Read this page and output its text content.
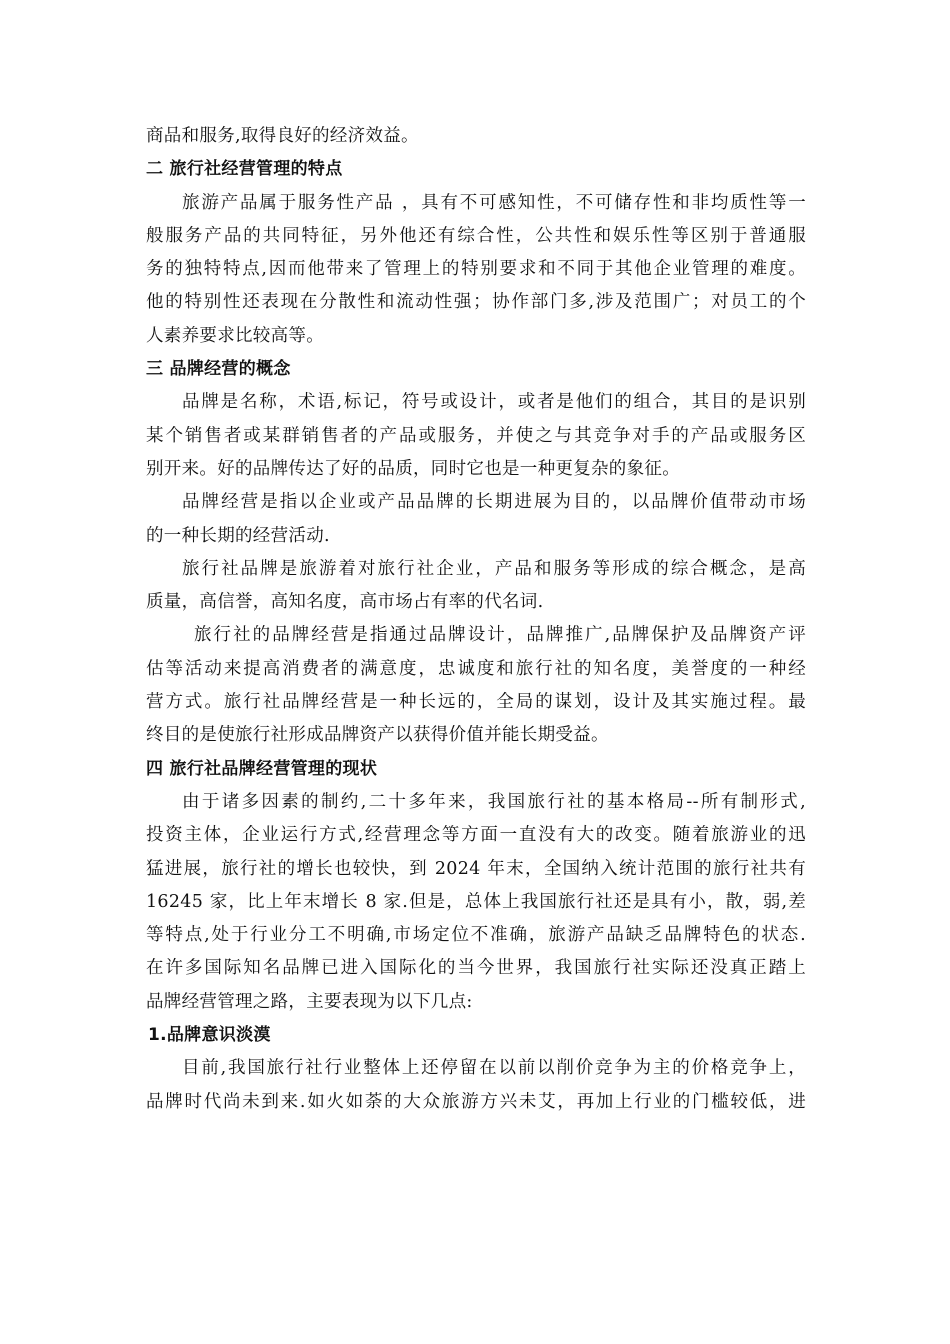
商品和服务,取得良好的经济效益。
二 旅行社经营管理的特点
旅游产品属于服务性产品 ，具有不可感知性，不可储存性和非均质性等一
般服务产品的共同特征，另外他还有综合性，公共性和娱乐性等区别于普通服
务的独特特点,因而他带来了管理上的特别要求和不同于其他企业管理的难度。
他的特别性还表现在分散性和流动性强；协作部门多,涉及范围广；对员工的个
人素养要求比较高等。
三 品牌经营的概念
品牌是名称，术语,标记，符号或设计，或者是他们的组合，其目的是识别
某个销售者或某群销售者的产品或服务，并使之与其竞争对手的产品或服务区
别开来。好的品牌传达了好的品质，同时它也是一种更复杂的象征。
品牌经营是指以企业或产品品牌的长期进展为目的，以品牌价值带动市场
的一种长期的经营活动.
旅行社品牌是旅游着对旅行社企业，产品和服务等形成的综合概念，是高
质量，高信誉，高知名度，高市场占有率的代名词.
旅行社的品牌经营是指通过品牌设计，品牌推广,品牌保护及品牌资产评
估等活动来提高消费者的满意度，忠诚度和旅行社的知名度，美誉度的一种经
营方式。旅行社品牌经营是一种长远的，全局的谋划，设计及其实施过程。最
终目的是使旅行社形成品牌资产以获得价值并能长期受益。
四 旅行社品牌经营管理的现状
由于诸多因素的制约,二十多年来，我国旅行社的基本格局--所有制形式,
投资主体，企业运行方式,经营理念等方面一直没有大的改变。随着旅游业的迅
猛进展，旅行社的增长也较快，到 2024 年末，全国纳入统计范围的旅行社共有
16245 家，比上年末增长 8 家.但是，总体上我国旅行社还是具有小，散，弱,差
等特点,处于行业分工不明确,市场定位不准确，旅游产品缺乏品牌特色的状态.
在许多国际知名品牌已进入国际化的当今世界，我国旅行社实际还没真正踏上
品牌经营管理之路，主要表现为以下几点:
1.品牌意识淡漠
目前,我国旅行社行业整体上还停留在以前以削价竞争为主的价格竞争上，
品牌时代尚未到来.如火如荼的大众旅游方兴未艾，再加上行业的门槛较低，进
